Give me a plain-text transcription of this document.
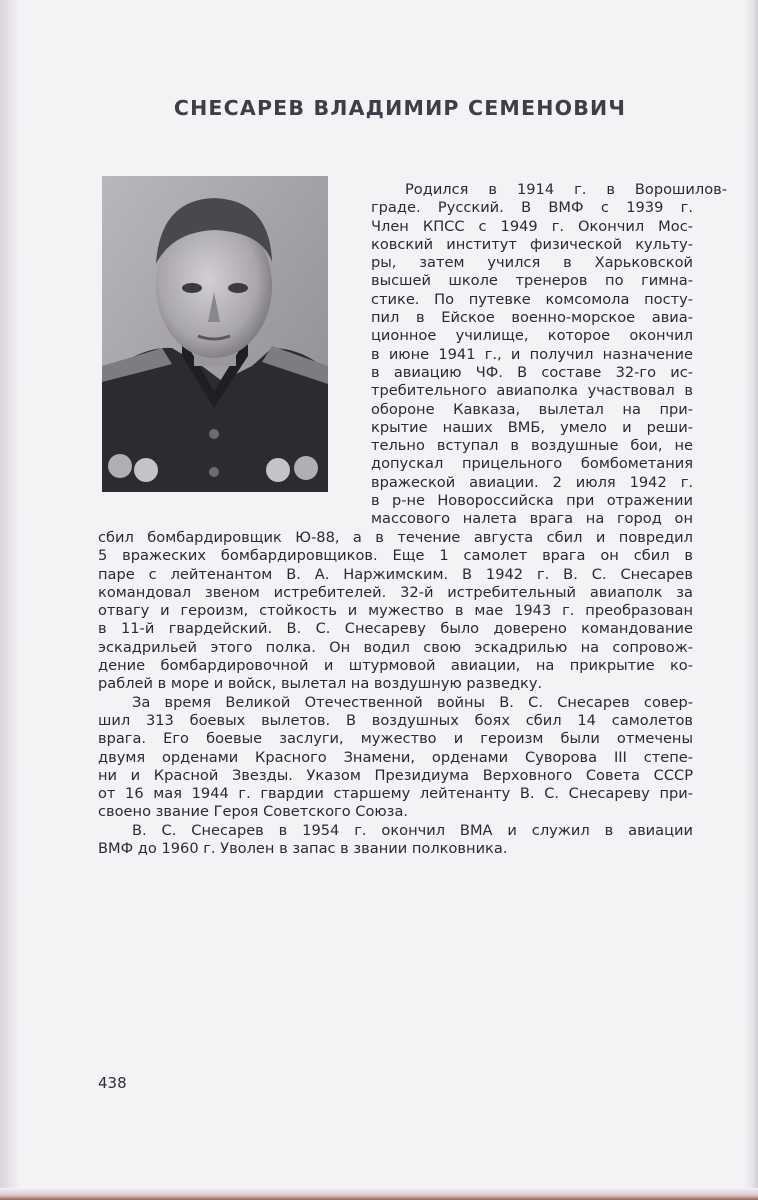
СНЕСАРЕВ ВЛАДИМИР СЕМЕНОВИЧ
Родился в 1914 г. в Ворошилов-
граде. Русский. В ВМФ с 1939 г.
Член КПСС с 1949 г. Окончил Мос-
ковский институт физической культу-
ры, затем учился в Харьковской
высшей школе тренеров по гимна-
стике. По путевке комсомола посту-
пил в Ейское военно-морское авиа-
ционное училище, которое окончил
в июне 1941 г., и получил назначение
в авиацию ЧФ. В составе 32-го ис-
требительного авиаполка участвовал в
обороне Кавказа, вылетал на при-
крытие наших ВМБ, умело и реши-
тельно вступал в воздушные бои, не
допускал прицельного бомбометания
вражеской авиации. 2 июля 1942 г.
в р-не Новороссийска при отражении
массового налета врага на город он
сбил бомбардировщик Ю-88, а в течение августа сбил и повредил
5 вражеских бомбардировщиков. Еще 1 самолет врага он сбил в
паре с лейтенантом В. А. Наржимским. В 1942 г. В. С. Снесарев
командовал звеном истребителей. 32-й истребительный авиаполк за
отвагу и героизм, стойкость и мужество в мае 1943 г. преобразован
в 11-й гвардейский. В. С. Снесареву было доверено командование
эскадрильей этого полка. Он водил свою эскадрилью на сопровож-
дение бомбардировочной и штурмовой авиации, на прикрытие ко-
раблей в море и войск, вылетал на воздушную разведку.
За время Великой Отечественной войны В. С. Снесарев совер-
шил 313 боевых вылетов. В воздушных боях сбил 14 самолетов
врага. Его боевые заслуги, мужество и героизм были отмечены
двумя орденами Красного Знамени, орденами Суворова III степе-
ни и Красной Звезды. Указом Президиума Верховного Совета СССР
от 16 мая 1944 г. гвардии старшему лейтенанту В. С. Снесареву при-
своено звание Героя Советского Союза.
В. С. Снесарев в 1954 г. окончил ВМА и служил в авиации
ВМФ до 1960 г. Уволен в запас в звании полковника.
438
